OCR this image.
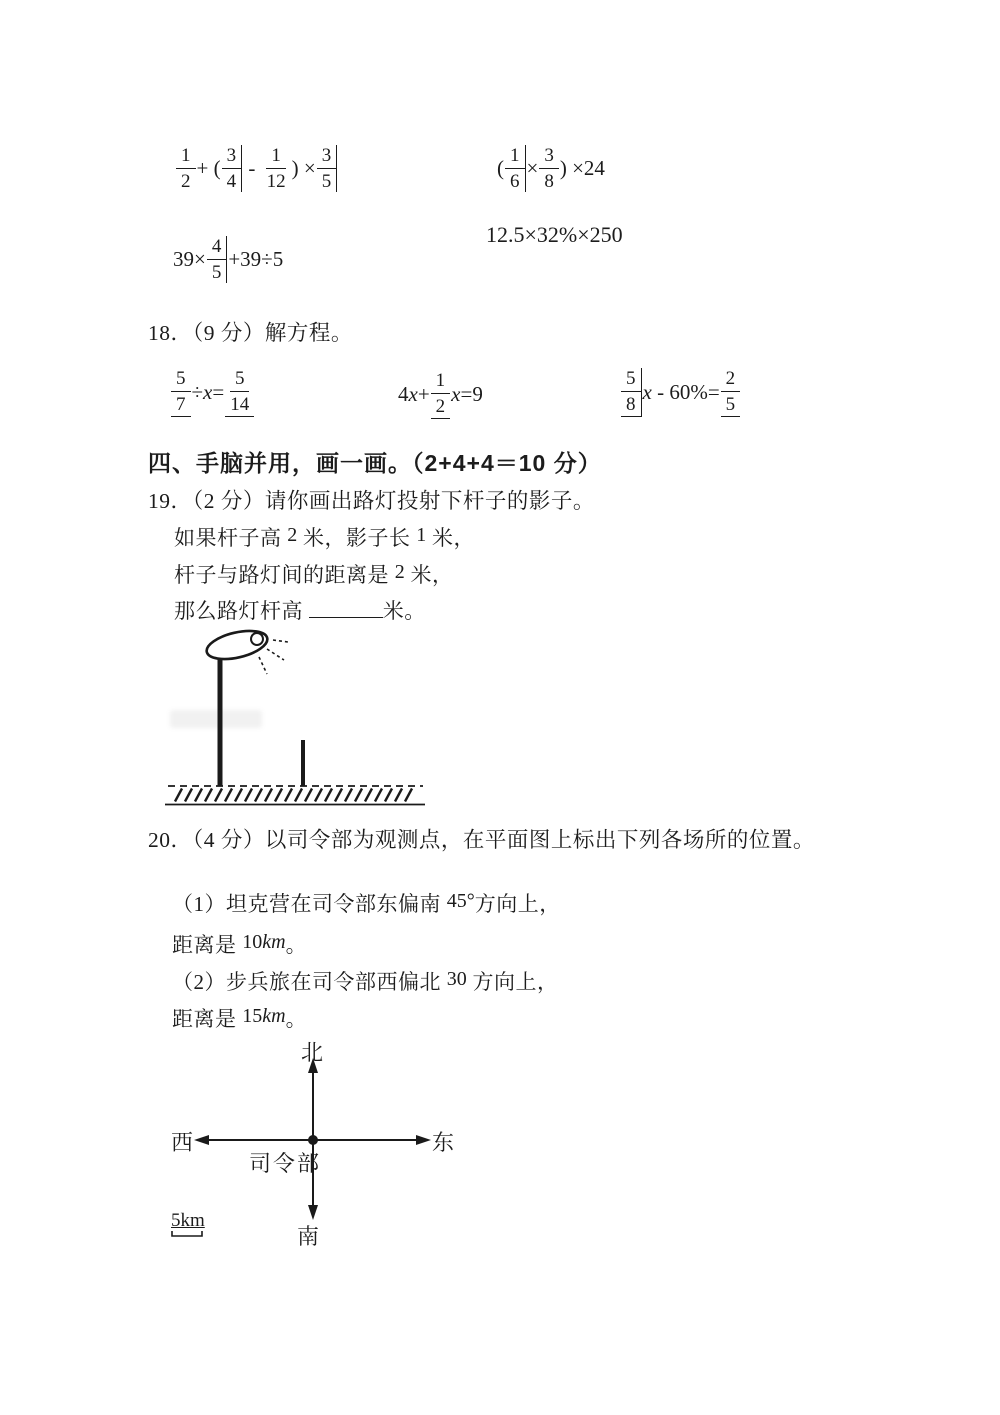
$\frac{1}{2}$ + ( $\frac{3}{4} - \frac{1}{12}$ ) × $\frac{3}{5}$	( $\frac{1}{6} \times \frac{3}{8}$ ) ×24
12.5×32%×250
$39\times \frac{4}{5} +39\div 5$
18．（9 分）解方程。
$\frac{5}{7} \div x = \frac{5}{14}$	4 $x + \frac{1}{2}$ x =9	$\frac{5}{8}$ $x - 60\%= \frac{2}{5}$
四、手脑并用，画一画。（2+4+4＝10 分）
19．（2 分）请你画出路灯投射下杆子的影子。
如果杆子高 2 米，影子长 1 米，
杆子与路灯间的距离是 2 米，
那么路灯杆高	米。
20．（4 分）以司令部为观测点，在平面图上标出下列各场所的位置。
（1）坦克营在司令部东偏南 45°方向上，
距离是 10km。
（2）步兵旅在司令部西偏北 30 方向上，
距离是 15km。
北
南
西	东
司令部
5km
